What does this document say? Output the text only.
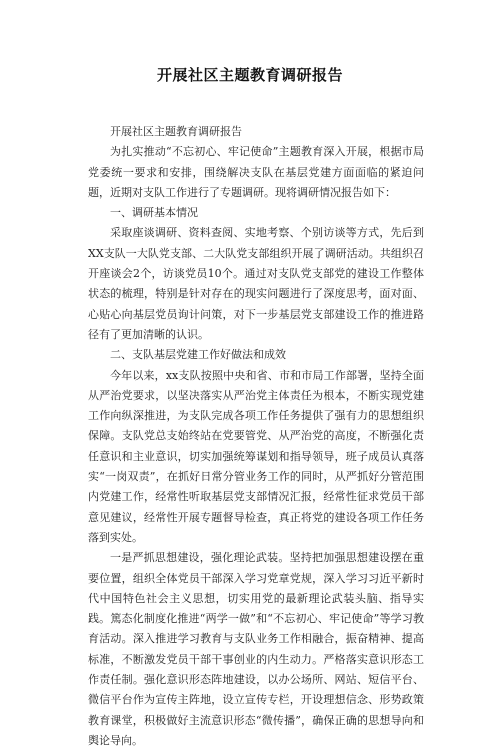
开展社区主题教育调研报告

开展社区主题教育调研报告

为扎实推动“不忘初心、牢记使命”主题教育深入开展，根据市局党委统一要求和安排，围绕解决支队在基层党建方面面临的紧迫问题，近期对支队工作进行了专题调研。现将调研情况报告如下：

一、调研基本情况

采取座谈调研、资料查阅、实地考察、个别访谈等方式，先后到XX支队一大队党支部、二大队党支部组织开展了调研活动。共组织召开座谈会2个，访谈党员10个。通过对支队党支部党的建设工作整体状态的梳理，特别是针对存在的现实问题进行了深度思考，面对面、心贴心向基层党员询计问策，对下一步基层党支部建设工作的推进路径有了更加清晰的认识。

二、支队基层党建工作好做法和成效

今年以来，xx支队按照中央和省、市和市局工作部署，坚持全面从严治党要求，以坚决落实从严治党主体责任为根本，不断实现党建工作向纵深推进，为支队完成各项工作任务提供了强有力的思想组织保障。支队党总支始终站在党要管党、从严治党的高度，不断强化责任意识和主业意识，切实加强统筹谋划和指导领导，班子成员认真落实“一岗双责”，在抓好日常分管业务工作的同时，从严抓好分管范围内党建工作，经常性听取基层党支部情况汇报，经常性征求党员干部意见建议，经常性开展专题督导检查，真正将党的建设各项工作任务落到实处。

一是严抓思想建设，强化理论武装。坚持把加强思想建设摆在重要位置，组织全体党员干部深入学习党章党规，深入学习习近平新时代中国特色社会主义思想，切实用党的最新理论武装头脑、指导实践。篤态化制度化推进“两学一做”和“不忘初心、牢记使命”等学习教育活动。深入推进学习教育与支队业务工作相融合，振奋精神、提高标准，不断激发党员干部干事创业的内生动力。严格落实意识形态工作责任制。强化意识形态阵地建设，以办公场所、网站、短信平台、微信平台作为宣传主阵地，设立宣传专栏，开设理想信念、形势政策教育课堂，积极做好主流意识形态“微传播”，确保正确的思想导向和舆论导向。
